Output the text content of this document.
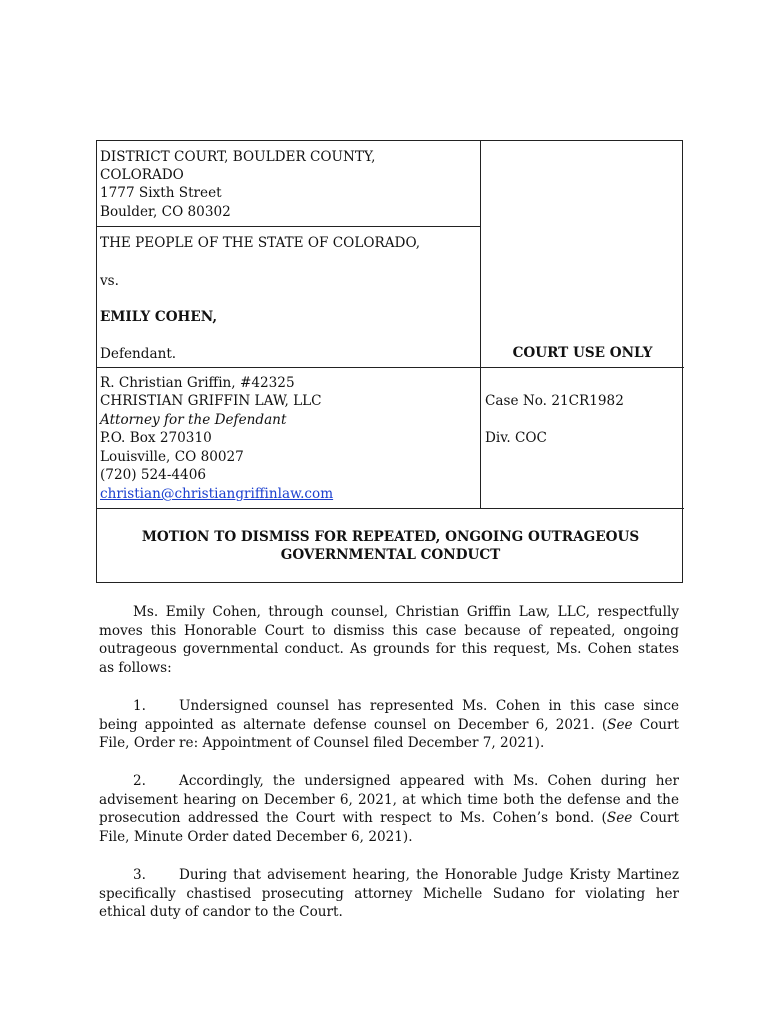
DISTRICT COURT, BOULDER COUNTY,
COLORADO
1777 Sixth Street
Boulder, CO 80302
THE PEOPLE OF THE STATE OF COLORADO,
vs.
EMILY COHEN,
Defendant.	COURT USE ONLY
R. Christian Griffin, #42325
CHRISTIAN GRIFFIN LAW, LLC
Attorney for the Defendant
P.O. Box 270310
Louisville, CO 80027
(720) 524-4406
christian@christiangriffinlaw.com
Case No. 21CR1982
Div. COC
MOTION TO DISMISS FOR REPEATED, ONGOING OUTRAGEOUS
GOVERNMENTAL CONDUCT
Ms. Emily Cohen, through counsel, Christian Griffin Law, LLC, respectfully moves this Honorable Court to dismiss this case because of repeated, ongoing outrageous governmental conduct. As grounds for this request, Ms. Cohen states as follows:
1. Undersigned counsel has represented Ms. Cohen in this case since being appointed as alternate defense counsel on December 6, 2021. (See Court File, Order re: Appointment of Counsel filed December 7, 2021).
2. Accordingly, the undersigned appeared with Ms. Cohen during her advisement hearing on December 6, 2021, at which time both the defense and the prosecution addressed the Court with respect to Ms. Cohen’s bond. (See Court File, Minute Order dated December 6, 2021).
3. During that advisement hearing, the Honorable Judge Kristy Martinez specifically chastised prosecuting attorney Michelle Sudano for violating her ethical duty of candor to the Court.
